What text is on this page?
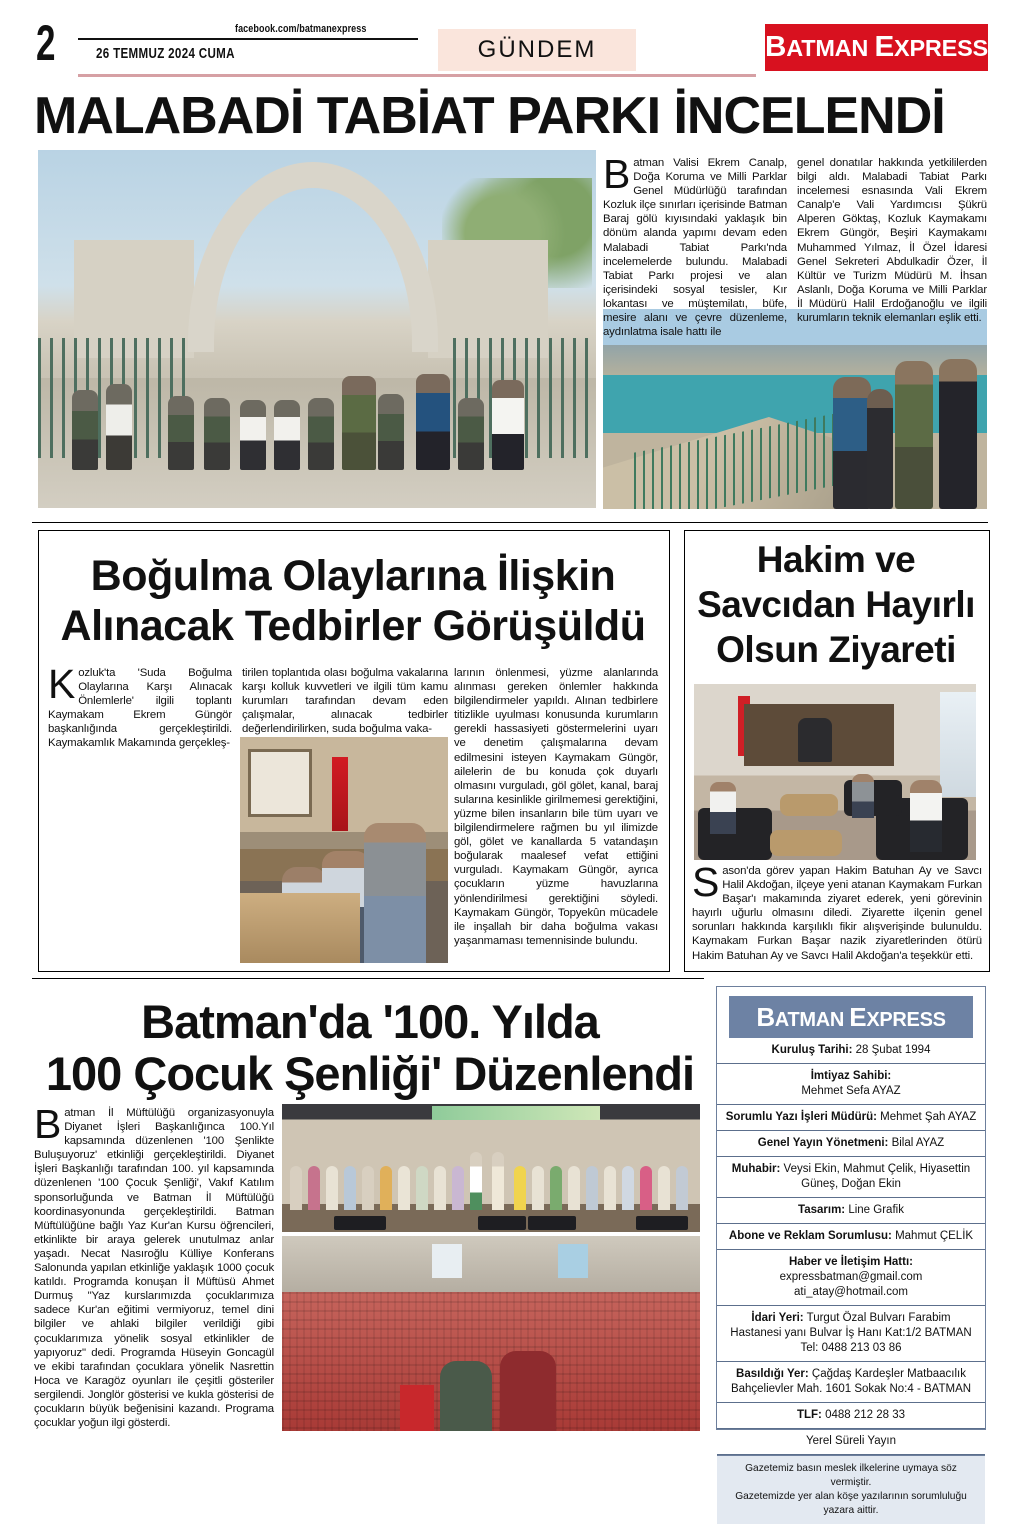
2	facebook.com/batmanexpress
26 TEMMUZ 2024 CUMA	GÜNDEM	BATMAN EXPRESS
MALABADİ TABİAT PARKI İNCELENDİ
Batman Valisi Ekrem Canalp, Doğa Koruma ve Milli Parklar Genel Müdürlüğü tarafından Kozluk ilçe sınırları içerisinde Batman Baraj gölü kıyısındaki yaklaşık bin dönüm alanda yapımı devam eden Malabadi Tabiat Parkı'nda incelemelerde bulundu. Malabadi Tabiat Parkı projesi ve alan içerisindeki sosyal tesisler, Kır lokantası ve müştemilatı, büfe, mesire alanı ve çevre düzenleme, aydınlatma isale hattı ile
genel donatılar hakkında yetkililerden bilgi aldı. Malabadi Tabiat Parkı incelemesi esnasında Vali Ekrem Canalp'e Vali Yardımcısı Şükrü Alperen Göktaş, Kozluk Kaymakamı Ekrem Güngör, Beşiri Kaymakamı Muhammed Yılmaz, İl Özel İdaresi Genel Sekreteri Abdulkadir Özer, İl Kültür ve Turizm Müdürü M. İhsan Aslanlı, Doğa Koruma ve Milli Parklar İl Müdürü Halil Erdoğanoğlu ve ilgili kurumların teknik elemanları eşlik etti.
Boğulma Olaylarına İlişkin
Alınacak Tedbirler Görüşüldü
Kozluk'ta 'Suda Boğulma Olaylarına Karşı Alınacak Önlemlerle' ilgili toplantı Kaymakam Ekrem Güngör başkanlığında gerçekleştirildi. Kaymakamlık Makamında gerçekleş-
tirilen toplantıda olası boğulma vakalarına karşı kolluk kuvvetleri ve ilgili tüm kamu kurumları tarafından devam eden çalışmalar, alınacak tedbirler değerlendirilirken, suda boğulma vaka-
larının önlenmesi, yüzme alanlarında alınması gereken önlemler hakkında bilgilendirmeler yapıldı. Alınan tedbirlere titizlikle uyulması konusunda kurumların gerekli hassasiyeti göstermelerini uyarı ve denetim çalışmalarına devam edilmesini isteyen Kaymakam Güngör, ailelerin de bu konuda çok duyarlı olmasını vurguladı, göl gölet, kanal, baraj sularına kesinlikle girilmemesi gerektiğini, yüzme bilen insanların bile tüm uyarı ve bilgilendirmelere rağmen bu yıl ilimizde göl, gölet ve kanallarda 5 vatandaşın boğularak maalesef vefat ettiğini vurguladı. Kaymakam Güngör, ayrıca çocukların yüzme havuzlarına yönlendirilmesi gerektiğini söyledi. Kaymakam Güngör, Topyekûn mücadele ile inşallah bir daha boğulma vakası yaşanmaması temennisinde bulundu.
Hakim ve
Savcıdan Hayırlı
Olsun Ziyareti
Sason'da görev yapan Hakim Batuhan Ay ve Savcı Halil Akdoğan, ilçeye yeni atanan Kaymakam Furkan Başar'ı makamında ziyaret ederek, yeni görevinin hayırlı uğurlu olmasını diledi. Ziyarette ilçenin genel sorunları hakkında karşılıklı fikir alışverişinde bulunuldu. Kaymakam Furkan Başar nazik ziyaretlerinden ötürü Hakim Batuhan Ay ve Savcı Halil Akdoğan'a teşekkür etti.
Batman'da '100. Yılda
100 Çocuk Şenliği' Düzenlendi
Batman İl Müftülüğü organizasyonuyla Diyanet İşleri Başkanlığınca 100.Yıl kapsamında düzenlenen '100 Şenlikte Buluşuyoruz' etkinliği gerçekleştirildi. Diyanet İşleri Başkanlığı tarafından 100. yıl kapsamında düzenlenen '100 Çocuk Şenliği', Vakıf Katılım sponsorluğunda ve Batman İl Müftülüğü koordinasyonunda gerçekleştirildi. Batman Müftülüğüne bağlı Yaz Kur'an Kursu öğrencileri, etkinlikte bir araya gelerek unutulmaz anlar yaşadı. Necat Nasıroğlu Külliye Konferans Salonunda yapılan etkinliğe yaklaşık 1000 çocuk katıldı. Programda konuşan İl Müftüsü Ahmet Durmuş "Yaz kurslarımızda çocuklarımıza sadece Kur'an eğitimi vermiyoruz, temel dini bilgiler ve ahlaki bilgiler verildiği gibi çocuklarımıza yönelik sosyal etkinlikler de yapıyoruz" dedi. Programda Hüseyin Goncagül ve ekibi tarafından çocuklara yönelik Nasrettin Hoca ve Karagöz oyunları ile çeşitli gösteriler sergilendi. Jonglör gösterisi ve kukla gösterisi de çocukların büyük beğenisini kazandı. Programa çocuklar yoğun ilgi gösterdi.
BATMAN EXPRESS
Kuruluş Tarihi: 28 Şubat 1994
İmtiyaz Sahibi:
Mehmet Sefa AYAZ
Sorumlu Yazı İşleri Müdürü: Mehmet Şah AYAZ
Genel Yayın Yönetmeni: Bilal AYAZ
Muhabir: Veysi Ekin, Mahmut Çelik, Hiyasettin Güneş, Doğan Ekin
Tasarım: Line Grafik
Abone ve Reklam Sorumlusu: Mahmut ÇELİK
Haber ve İletişim Hattı:
expressbatman@gmail.com
ati_atay@hotmail.com
İdari Yeri: Turgut Özal Bulvarı Farabim Hastanesi yanı Bulvar İş Hanı Kat:1/2 BATMAN Tel: 0488 213 03 86
Basıldığı Yer: Çağdaş Kardeşler Matbaacılık Bahçelievler Mah. 1601 Sokak No:4 - BATMAN
TLF: 0488 212 28 33
Yerel Süreli Yayın
Gazetemiz basın meslek ilkelerine uymaya söz vermiştir.
Gazetemizde yer alan köşe yazılarının sorumluluğu yazara aittir.
